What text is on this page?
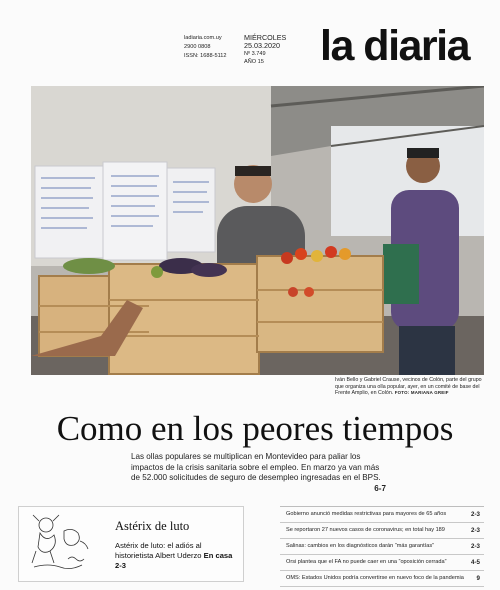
ladiaria.com.uy
2900 0808
ISSN: 1688-5112
MIÉRCOLES
25.03.2020
Nº 3.749
AÑO 15	la diaria
Iván Bello y Gabriel Crause, vecinos de Colón, parte del grupo que organiza una olla popular, ayer, en un comité de base del Frente Amplio, en Colón. FOTO: MARIANA GREIF
Como en los peores tiempos
Las ollas populares se multiplican en Montevideo para paliar los impactos de la crisis sanitaria sobre el empleo. En marzo ya van más de 52.000 solicitudes de seguro de desempleo ingresadas en el BPS.
6-7
Astérix de luto
Astérix de luto: el adiós al historietista Albert Uderzo En casa 2-3
Gobierno anunció medidas restrictivas para mayores de 65 años	2-3
Se reportaron 27 nuevos casos de coronavirus; en total hay 189	2-3
Salinas: cambios en los diagnósticos darán “más garantías”	2-3
Orsi plantea que el FA no puede caer en una “oposición cerrada”	4-5
OMS: Estados Unidos podría convertirse en nuevo foco de la pandemia 9
